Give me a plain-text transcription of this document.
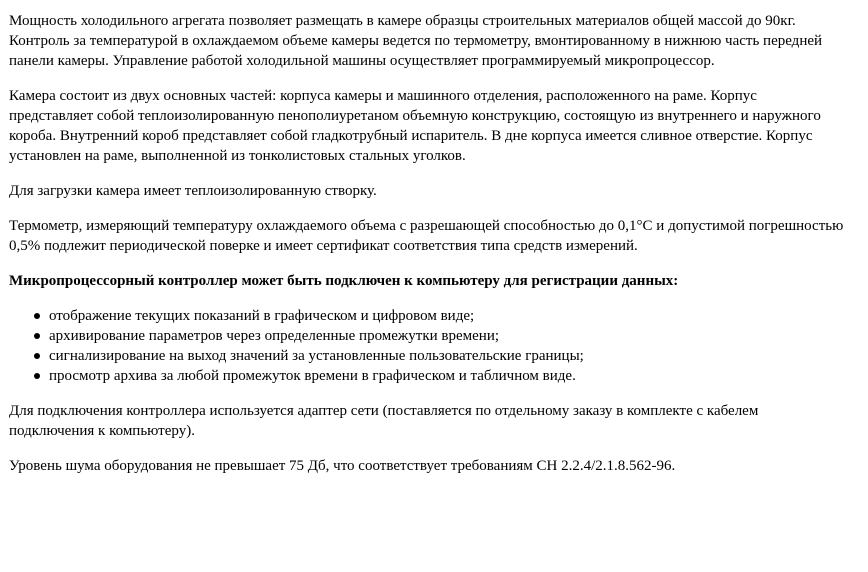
Мощность холодильного агрегата позволяет размещать в камере образцы строительных материалов общей массой до 90кг. Контроль за температурой в охлаждаемом объеме камеры ведется по термометру, вмонтированному в нижнюю часть передней панели камеры. Управление работой холодильной машины осуществляет программируемый микропроцессор.

Камера состоит из двух основных частей: корпуса камеры и машинного отделения, расположенного на раме. Корпус представляет собой теплоизолированную пенополиуретаном объемную конструкцию, состоящую из внутреннего и наружного короба. Внутренний короб представляет собой гладкотрубный испаритель. В дне корпуса имеется сливное отверстие. Корпус установлен на раме, выполненной из тонколистовых стальных уголков.

Для загрузки камера имеет теплоизолированную створку.

Термометр, измеряющий температуру охлаждаемого объема с разрешающей способностью до 0,1°С и допустимой погрешностью 0,5% подлежит периодической поверке и имеет сертификат соответствия типа средств измерений.

Микропроцессорный контроллер может быть подключен к компьютеру для регистрации данных:

отображение текущих показаний в графическом и цифровом виде;
архивирование параметров через определенные промежутки времени;
сигнализирование на выход значений за установленные пользовательские границы;
просмотр архива за любой промежуток времени в графическом и табличном виде.

Для подключения контроллера используется адаптер сети (поставляется по отдельному заказу в комплекте с кабелем подключения к компьютеру).

Уровень шума оборудования не превышает 75 Дб, что соответствует требованиям СН 2.2.4/2.1.8.562-96.
